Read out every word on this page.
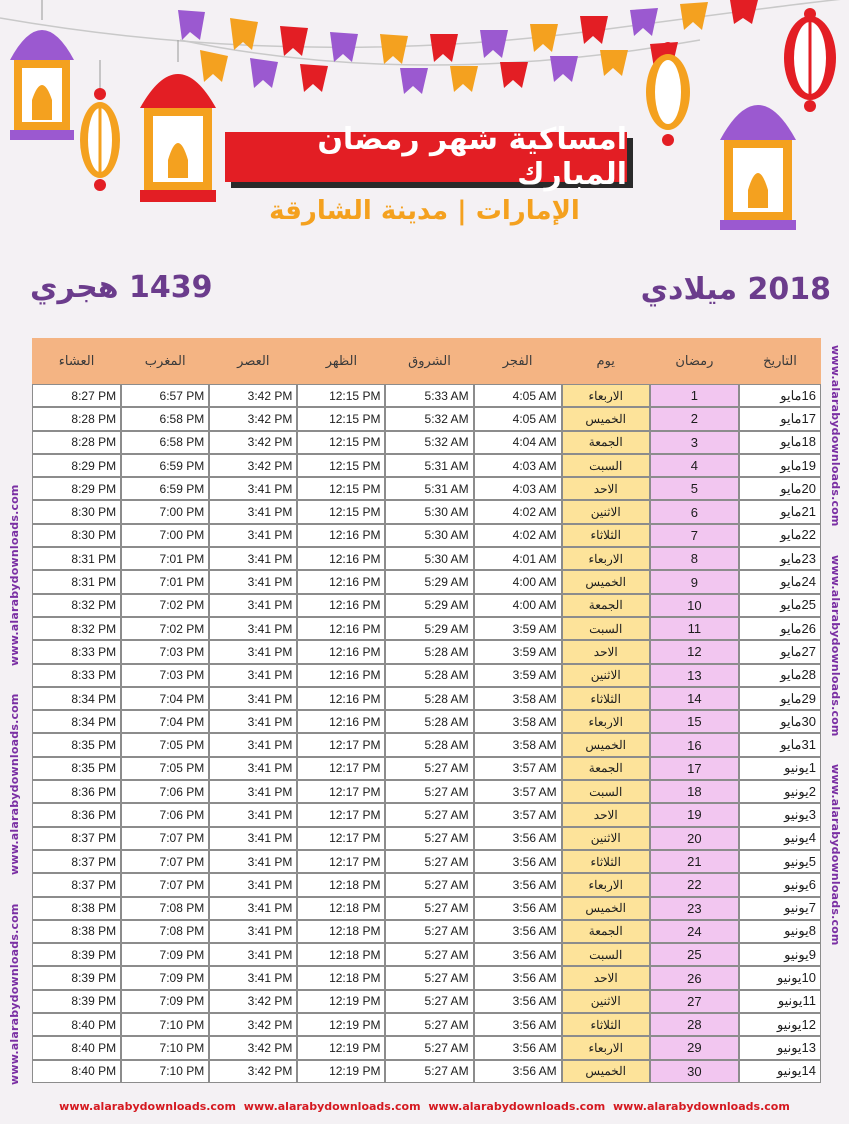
امساكية شهر رمضان المبارك
الإمارات | مدينة الشارقة
1439 هجري	2018 ميلادي
www.alarabydownloads.comwww.alarabydownloads.comwww.alarabydownloads.com
www.alarabydownloads.comwww.alarabydownloads.comwww.alarabydownloads.com
العشاء	المغرب	العصر	الظهر	الشروق	الفجر	يوم	رمضان	التاريخ
8:27 PM	6:57 PM	3:42 PM	12:15 PM	5:33 AM	4:05 AM	الاربعاء	1	16مايو
8:28 PM	6:58 PM	3:42 PM	12:15 PM	5:32 AM	4:05 AM	الخميس	2	17مايو
8:28 PM	6:58 PM	3:42 PM	12:15 PM	5:32 AM	4:04 AM	الجمعة	3	18مايو
8:29 PM	6:59 PM	3:42 PM	12:15 PM	5:31 AM	4:03 AM	السبت	4	19مايو
8:29 PM	6:59 PM	3:41 PM	12:15 PM	5:31 AM	4:03 AM	الاحد	5	20مايو
8:30 PM	7:00 PM	3:41 PM	12:15 PM	5:30 AM	4:02 AM	الاثنين	6	21مايو
8:30 PM	7:00 PM	3:41 PM	12:16 PM	5:30 AM	4:02 AM	الثلاثاء	7	22مايو
8:31 PM	7:01 PM	3:41 PM	12:16 PM	5:30 AM	4:01 AM	الاربعاء	8	23مايو
8:31 PM	7:01 PM	3:41 PM	12:16 PM	5:29 AM	4:00 AM	الخميس	9	24مايو
8:32 PM	7:02 PM	3:41 PM	12:16 PM	5:29 AM	4:00 AM	الجمعة	10	25مايو
8:32 PM	7:02 PM	3:41 PM	12:16 PM	5:29 AM	3:59 AM	السبت	11	26مايو
8:33 PM	7:03 PM	3:41 PM	12:16 PM	5:28 AM	3:59 AM	الاحد	12	27مايو
8:33 PM	7:03 PM	3:41 PM	12:16 PM	5:28 AM	3:59 AM	الاثنين	13	28مايو
8:34 PM	7:04 PM	3:41 PM	12:16 PM	5:28 AM	3:58 AM	الثلاثاء	14	29مايو
8:34 PM	7:04 PM	3:41 PM	12:16 PM	5:28 AM	3:58 AM	الاربعاء	15	30مايو
8:35 PM	7:05 PM	3:41 PM	12:17 PM	5:28 AM	3:58 AM	الخميس	16	31مايو
8:35 PM	7:05 PM	3:41 PM	12:17 PM	5:27 AM	3:57 AM	الجمعة	17	1يونيو
8:36 PM	7:06 PM	3:41 PM	12:17 PM	5:27 AM	3:57 AM	السبت	18	2يونيو
8:36 PM	7:06 PM	3:41 PM	12:17 PM	5:27 AM	3:57 AM	الاحد	19	3يونيو
8:37 PM	7:07 PM	3:41 PM	12:17 PM	5:27 AM	3:56 AM	الاثنين	20	4يونيو
8:37 PM	7:07 PM	3:41 PM	12:17 PM	5:27 AM	3:56 AM	الثلاثاء	21	5يونيو
8:37 PM	7:07 PM	3:41 PM	12:18 PM	5:27 AM	3:56 AM	الاربعاء	22	6يونيو
8:38 PM	7:08 PM	3:41 PM	12:18 PM	5:27 AM	3:56 AM	الخميس	23	7يونيو
8:38 PM	7:08 PM	3:41 PM	12:18 PM	5:27 AM	3:56 AM	الجمعة	24	8يونيو
8:39 PM	7:09 PM	3:41 PM	12:18 PM	5:27 AM	3:56 AM	السبت	25	9يونيو
8:39 PM	7:09 PM	3:41 PM	12:18 PM	5:27 AM	3:56 AM	الاحد	26	10يونيو
8:39 PM	7:09 PM	3:42 PM	12:19 PM	5:27 AM	3:56 AM	الاثنين	27	11يونيو
8:40 PM	7:10 PM	3:42 PM	12:19 PM	5:27 AM	3:56 AM	الثلاثاء	28	12يونيو
8:40 PM	7:10 PM	3:42 PM	12:19 PM	5:27 AM	3:56 AM	الاربعاء	29	13يونيو
8:40 PM	7:10 PM	3:42 PM	12:19 PM	5:27 AM	3:56 AM	الخميس	30	14يونيو
www.alarabydownloads.com www.alarabydownloads.com www.alarabydownloads.com www.alarabydownloads.com
